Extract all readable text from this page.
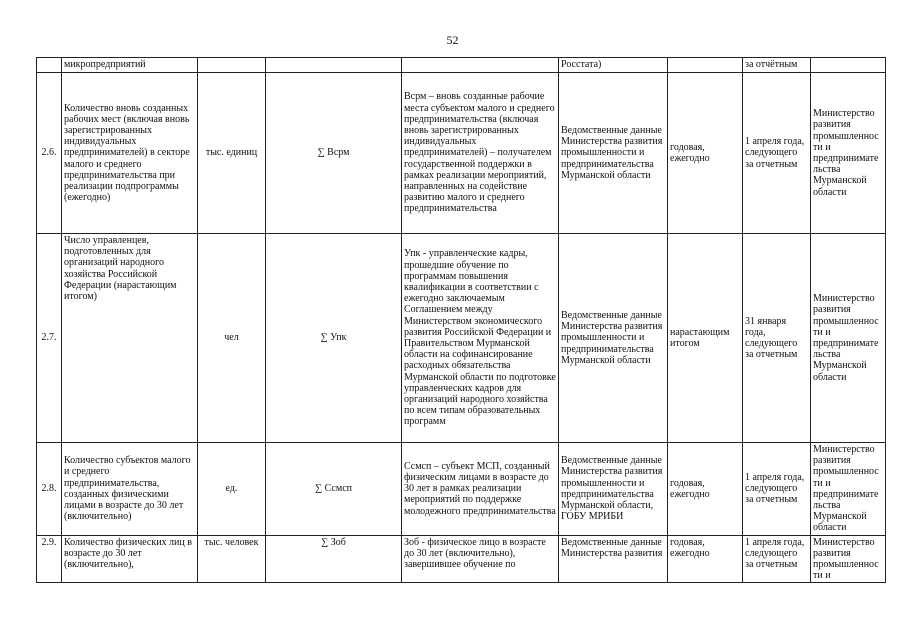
52
	микропредприятий				Росстата)		за отчётным	
2.6.	Количество вновь созданных рабочих мест (включая вновь зарегистрированных индивидуальных предпринимателей) в секторе малого и среднего предпринимательства при реализации подпрограммы (ежегодно)	тыс. единиц	∑ Всрм	Всрм – вновь созданные рабочие места субъектом малого и среднего предпринимательства (включая вновь зарегистрированных индивидуальных предпринимателей) – получателем государственной поддержки в рамках реализации мероприятий, направленных на содействие развитию малого и среднего предпринимательства	Ведомственные данные Министерства развития промышленности и предпринимательства Мурманской области	годовая, ежегодно	1 апреля года, следующего за отчетным	Министерство развития промышленности и предпринимательства Мурманской области
2.7.	Число управленцев, подготовленных для организаций народного хозяйства Российской Федерации (нарастающим итогом)	чел	∑ Упк	Упк - управленческие кадры, прошедшие обучение по программам повышения квалификации в соответствии с ежегодно заключаемым Соглашением между Министерством экономического развития Российской Федерации и Правительством Мурманской области на софинансирование расходных обязательства Мурманской области по подготовке управленческих кадров для организаций народного хозяйства по всем типам образовательных программ	Ведомственные данные Министерства развития промышленности и предпринимательства Мурманской области	нарастающим итогом	31 января года, следующего за отчетным	Министерство развития промышленности и предпринимательства Мурманской области
2.8.	Количество субъектов малого и среднего предпринимательства, созданных физическими лицами в возрасте до 30 лет (включительно)	ед.	∑ Ссмсп	Ссмсп – субъект МСП, созданный физическим лицами в возрасте до 30 лет в рамках реализации мероприятий по поддержке молодежного предпринимательства	Ведомственные данные Министерства развития промышленности и предпринимательства Мурманской области, ГОБУ МРИБИ	годовая, ежегодно	1 апреля года, следующего за отчетным	Министерство развития промышленности и предпринимательства Мурманской области
2.9.	Количество физических лиц в возрасте до 30 лет (включительно),	тыс. человек	∑ Зоб	Зоб - физическое лицо в возрасте до 30 лет (включительно), завершившее обучение по	Ведомственные данные Министерства развития	годовая, ежегодно	1 апреля года, следующего за отчетным	Министерство развития промышленности и
